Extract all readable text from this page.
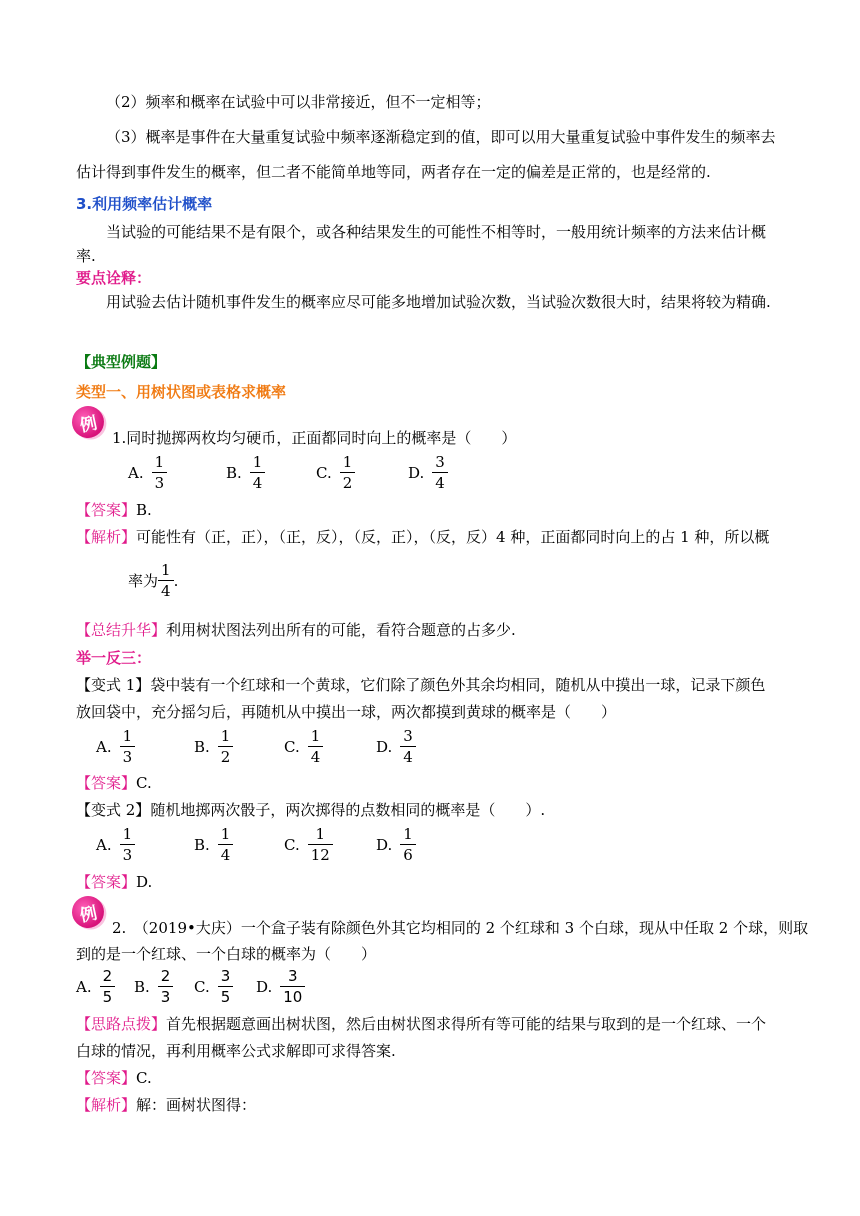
（2）频率和概率在试验中可以非常接近，但不一定相等；
（3）概率是事件在大量重复试验中频率逐渐稳定到的值，即可以用大量重复试验中事件发生的频率去
估计得到事件发生的概率，但二者不能简单地等同，两者存在一定的偏差是正常的，也是经常的.
3.利用频率估计概率
当试验的可能结果不是有限个，或各种结果发生的可能性不相等时，一般用统计频率的方法来估计概
率.
要点诠释：
用试验去估计随机事件发生的概率应尽可能多地增加试验次数，当试验次数很大时，结果将较为精确.
【典型例题】
类型一、用树状图或表格求概率
例
1.同时抛掷两枚均匀硬币，正面都同时向上的概率是（　　）
A. $\frac{1}{3}$	B. $\frac{1}{4}$	C. $\frac{1}{2}$	D. $\frac{3}{4}$
【答案】B.
【解析】可能性有（正，正），（正，反），（反，正），（反，反）4 种，正面都同时向上的占 1 种，所以概
率为 $\frac{1}{4}$ .
【总结升华】利用树状图法列出所有的可能，看符合题意的占多少.
举一反三：
【变式 1】袋中装有一个红球和一个黄球，它们除了颜色外其余均相同，随机从中摸出一球，记录下颜色
放回袋中，充分摇匀后，再随机从中摸出一球，两次都摸到黄球的概率是（　　）
A. $\frac{1}{3}$	B. $\frac{1}{2}$	C. $\frac{1}{4}$	D. $\frac{3}{4}$
【答案】C.
【变式 2】随机地掷两次骰子，两次掷得的点数相同的概率是（　　）.
A. $\frac{1}{3}$	B. $\frac{1}{4}$	C. $\frac{1}{12}$	D. $\frac{1}{6}$
【答案】D.
例
2.　（2019•大庆）一个盒子装有除颜色外其它均相同的 2 个红球和 3 个白球，现从中任取 2 个球，则取
到的是一个红球、一个白球的概率为（　　）
A. $\frac{2}{5} B$. $\frac{2}{3} C$. $\frac{3}{5} D$. $\frac{3}{10}$
【思路点拨】首先根据题意画出树状图，然后由树状图求得所有等可能的结果与取到的是一个红球、一个
白球的情况，再利用概率公式求解即可求得答案.
【答案】C.
【解析】解：画树状图得：
